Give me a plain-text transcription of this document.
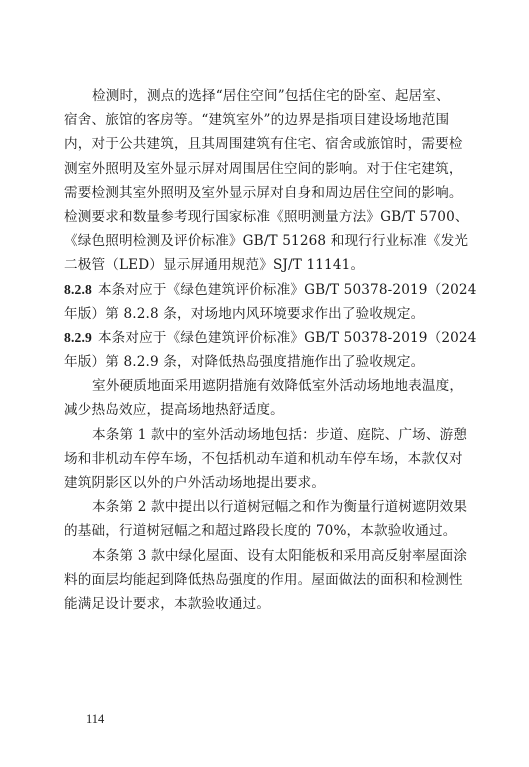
检测时，测点的选择“居住空间”包括住宅的卧室、起居室、
宿舍、旅馆的客房等。“建筑室外”的边界是指项目建设场地范围
内，对于公共建筑，且其周围建筑有住宅、宿舍或旅馆时，需要检
测室外照明及室外显示屏对周围居住空间的影响。对于住宅建筑，
需要检测其室外照明及室外显示屏对自身和周边居住空间的影响。
检测要求和数量参考现行国家标准《照明测量方法》GB/T 5700、
《绿色照明检测及评价标准》GB/T 51268 和现行行业标准《发光
二极管（LED）显示屏通用规范》SJ/T 11141。
8.2.8 本条对应于《绿色建筑评价标准》GB/T 50378-2019（2024
年版）第 8.2.8 条，对场地内风环境要求作出了验收规定。
8.2.9 本条对应于《绿色建筑评价标准》GB/T 50378-2019（2024
年版）第 8.2.9 条，对降低热岛强度措施作出了验收规定。
室外硬质地面采用遮阴措施有效降低室外活动场地地表温度，
减少热岛效应，提高场地热舒适度。
本条第 1 款中的室外活动场地包括：步道、庭院、广场、游憩
场和非机动车停车场，不包括机动车道和机动车停车场，本款仅对
建筑阴影区以外的户外活动场地提出要求。
本条第 2 款中提出以行道树冠幅之和作为衡量行道树遮阴效果
的基础，行道树冠幅之和超过路段长度的 70%，本款验收通过。
本条第 3 款中绿化屋面、设有太阳能板和采用高反射率屋面涂
料的面层均能起到降低热岛强度的作用。屋面做法的面积和检测性
能满足设计要求，本款验收通过。
114
